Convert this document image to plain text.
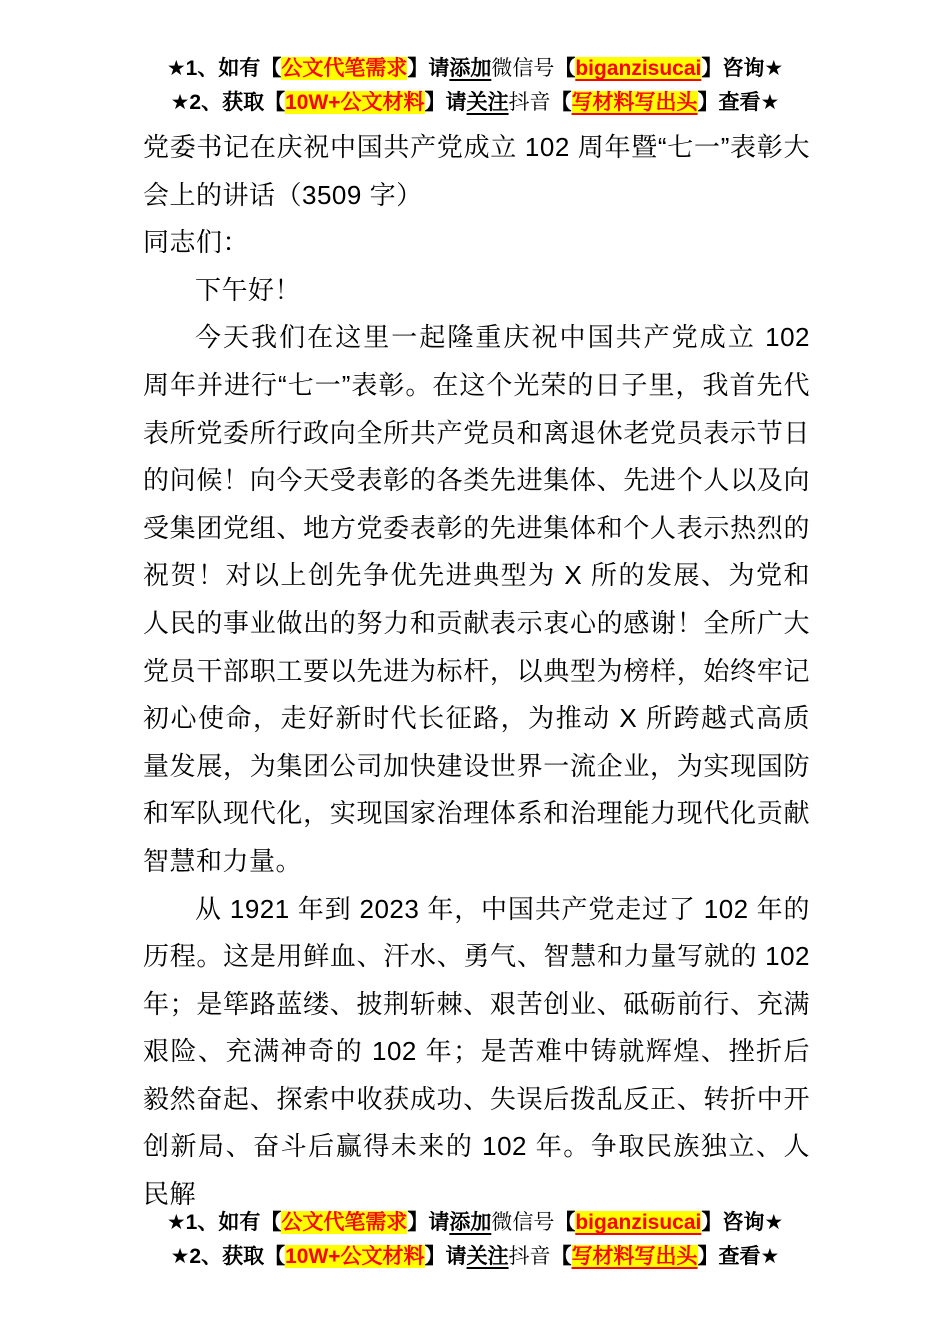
★1、如有【公文代笔需求】请添加微信号【biganzisucai】咨询★
★2、获取【10W+公文材料】请关注抖音【写材料写出头】查看★

党委书记在庆祝中国共产党成立 102 周年暨“七一”表彰大会上的讲话（3509 字）

同志们：

下午好！

今天我们在这里一起隆重庆祝中国共产党成立 102 周年并进行“七一”表彰。在这个光荣的日子里，我首先代表所党委所行政向全所共产党员和离退休老党员表示节日的问候！向今天受表彰的各类先进集体、先进个人以及向受集团党组、地方党委表彰的先进集体和个人表示热烈的祝贺！对以上创先争优先进典型为 X 所的发展、为党和人民的事业做出的努力和贡献表示衷心的感谢！全所广大党员干部职工要以先进为标杆，以典型为榜样，始终牢记初心使命，走好新时代长征路，为推动 X 所跨越式高质量发展，为集团公司加快建设世界一流企业，为实现国防和军队现代化，实现国家治理体系和治理能力现代化贡献智慧和力量。

从 1921 年到 2023 年，中国共产党走过了 102 年的历程。这是用鲜血、汗水、勇气、智慧和力量写就的 102 年；是筚路蓝缕、披荆斩棘、艰苦创业、砥砺前行、充满艰险、充满神奇的 102 年；是苦难中铸就辉煌、挫折后毅然奋起、探索中收获成功、失误后拨乱反正、转折中开创新局、奋斗后赢得未来的 102 年。争取民族独立、人民解

★1、如有【公文代笔需求】请添加微信号【biganzisucai】咨询★
★2、获取【10W+公文材料】请关注抖音【写材料写出头】查看★
